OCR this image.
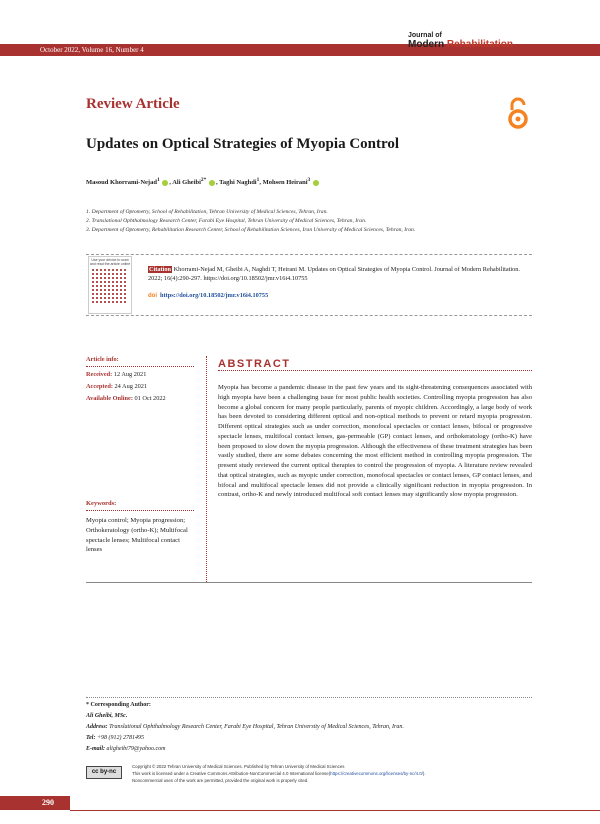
October 2022, Volume 16, Number 4
Journal of
Modern Rehabilitation
Review Article
Updates on Optical Strategies of Myopia Control
Masoud Khorrami-Nejad$^1$ , Ali Gheibi$^{2*}$ , Taghi Naghdi$^1$, Mohsen Heirani$^3$
1. Department of Optometry, School of Rehabilitation, Tehran University of Medical Sciences, Tehran, Iran.
2. Translational Ophthalmology Research Center, Farabi Eye Hospital, Tehran University of Medical Sciences, Tehran, Iran.
3. Department of Optometry, Rehabilitation Research Center, School of Rehabilitation Sciences, Iran University of Medical Sciences, Tehran, Iran.
Use your device to scan and read the article online
Citation Khorrami-Nejad M, Gheibi A, Naghdi T, Heirani M. Updates on Optical Strategies of Myopia Control. Journal of Modern Rehabilitation. 2022; 16(4):290-297. https://doi.org/10.18502/jmr.v16i4.10755
doi https://doi.org/10.18502/jmr.v16i4.10755
Article info:
Received: 12 Aug 2021
Accepted: 24 Aug 2021
Available Online: 01 Oct 2022
Keywords:
Myopia control; Myopia progression; Orthokeratology (ortho-K); Multifocal spectacle lenses; Multifocal contact lenses
ABSTRACT
Myopia has become a pandemic disease in the past few years and its sight-threatening consequences associated with high myopia have been a challenging issue for most public health societies. Controlling myopia progression has also become a global concern for many people particularly, parents of myopic children. Accordingly, a large body of work has been devoted to considering different optical and non-optical methods to prevent or retard myopia progression. Different optical strategies such as under correction, monofocal spectacles or contact lenses, bifocal or progressive spectacle lenses, multifocal contact lenses, gas-permeable (GP) contact lenses, and orthokeratology (ortho-K) have been proposed to slow down the myopia progression. Although the effectiveness of these treatment strategies has been vastly studied, there are some debates concerning the most efficient method in controlling myopia progression. The present study reviewed the current optical therapies to control the progression of myopia. A literature review revealed that optical strategies, such as myopic under correction, monofocal spectacles or contact lenses, GP contact lenses, and bifocal and multifocal spectacle lenses did not provide a clinically significant reduction in myopia progression. In contrast, ortho-K and newly introduced multifocal soft contact lenses may significantly slow myopia progression.
* Corresponding Author:
Ali Gheibi, MSc.
Address: Translational Ophthalmology Research Center, Farabi Eye Hospital, Tehran University of Medical Sciences, Tehran, Iran.
Tel: +98 (912) 2781495
E-mail: aligheibi79@yahoo.com
cc by-nc
Copyright © 2022 Tehran University of Medical Sciences. Published by Tehran University of Medical Sciences
This work is licensed under a Creative Commons Attribution-NonCommercial 4.0 International license(https://creativecommons.org/licenses/by-nc/4.0/).
Noncommercial uses of the work are permitted, provided the original work is properly cited.
290
